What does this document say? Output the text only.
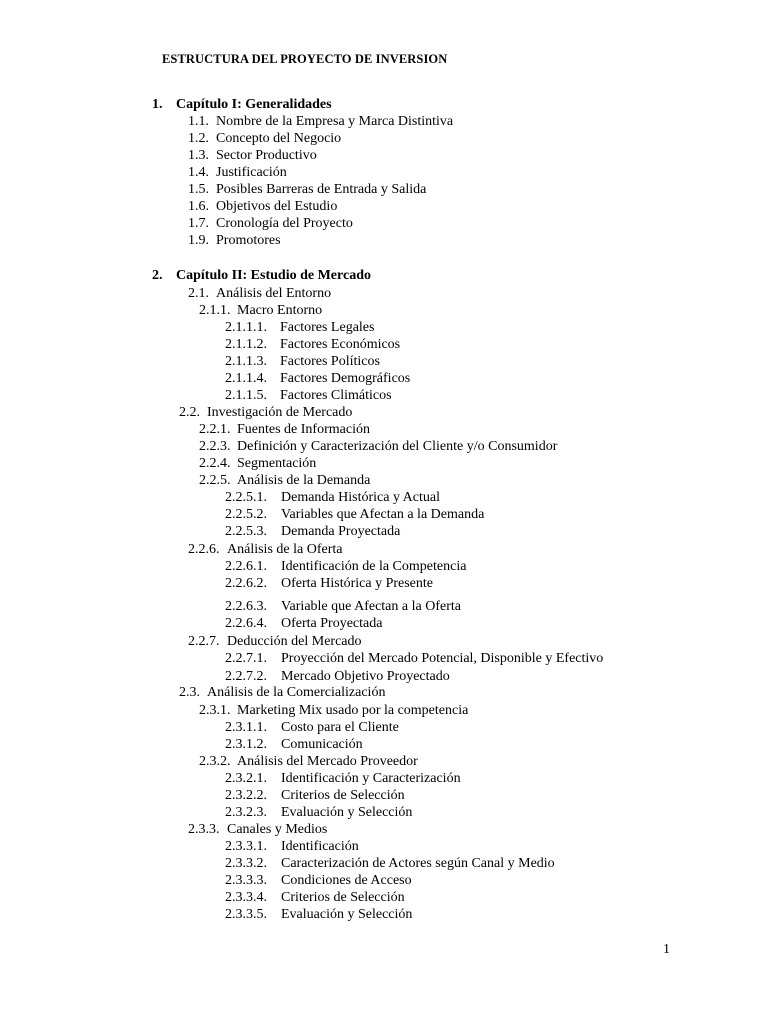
ESTRUCTURA DEL PROYECTO DE INVERSION
1. Capítulo I: Generalidades
1.1. Nombre de la Empresa y Marca Distintiva
1.2. Concepto del Negocio
1.3. Sector Productivo
1.4. Justificación
1.5. Posibles Barreras de Entrada y Salida
1.6. Objetivos del Estudio
1.7. Cronología del Proyecto
1.9. Promotores
2. Capítulo II: Estudio de Mercado
2.1. Análisis del Entorno
2.1.1. Macro Entorno
2.1.1.1. Factores Legales
2.1.1.2. Factores Económicos
2.1.1.3. Factores Políticos
2.1.1.4. Factores Demográficos
2.1.1.5. Factores Climáticos
2.2. Investigación de Mercado
2.2.1. Fuentes de Información
2.2.3. Definición y Caracterización del Cliente y/o Consumidor
2.2.4. Segmentación
2.2.5. Análisis de la Demanda
2.2.5.1. Demanda Histórica y Actual
2.2.5.2. Variables que Afectan a la Demanda
2.2.5.3. Demanda Proyectada
2.2.6. Análisis de la Oferta
2.2.6.1. Identificación de la Competencia
2.2.6.2. Oferta Histórica y Presente
2.2.6.3. Variable que Afectan a la Oferta
2.2.6.4. Oferta Proyectada
2.2.7. Deducción del Mercado
2.2.7.1. Proyección del Mercado Potencial, Disponible y Efectivo
2.2.7.2. Mercado Objetivo Proyectado
2.3. Análisis de la Comercialización
2.3.1. Marketing Mix usado por la competencia
2.3.1.1. Costo para el Cliente
2.3.1.2. Comunicación
2.3.2. Análisis del Mercado Proveedor
2.3.2.1. Identificación y Caracterización
2.3.2.2. Criterios de Selección
2.3.2.3. Evaluación y Selección
2.3.3. Canales y Medios
2.3.3.1. Identificación
2.3.3.2. Caracterización de Actores según Canal y Medio
2.3.3.3. Condiciones de Acceso
2.3.3.4. Criterios de Selección
2.3.3.5. Evaluación y Selección
1
